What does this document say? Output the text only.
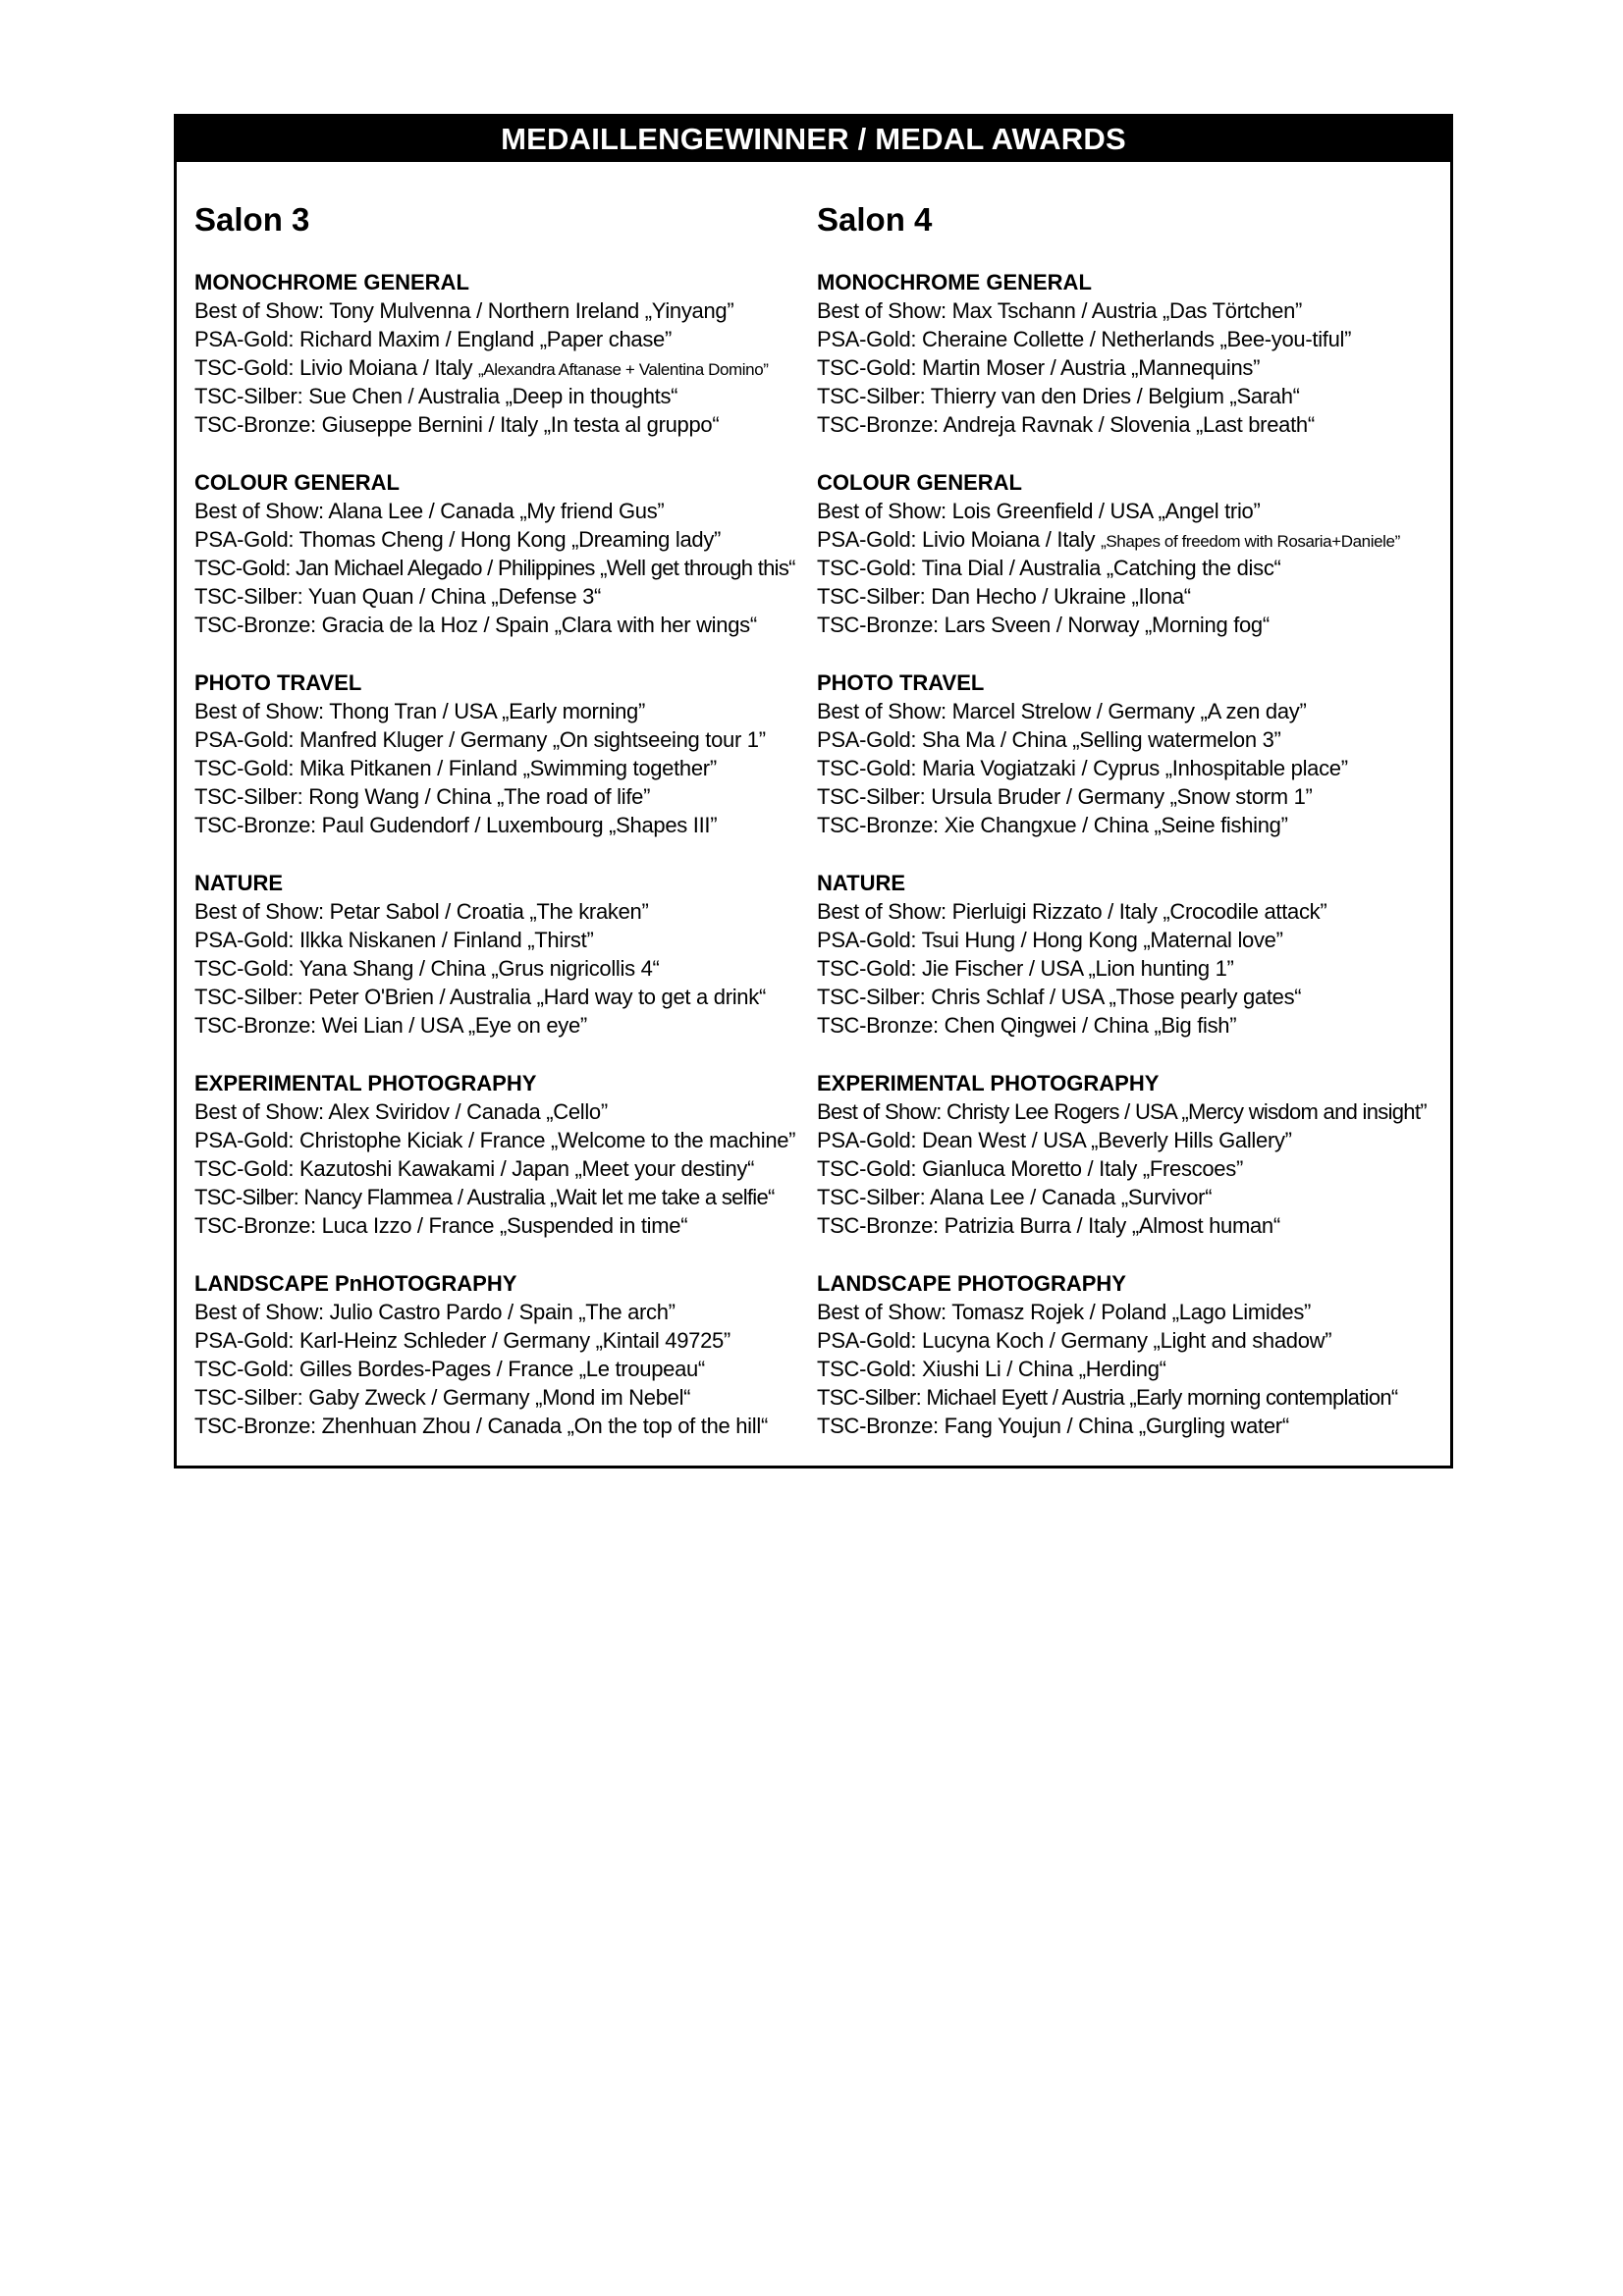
MEDAILLENGEWINNER / MEDAL AWARDS
Salon 3
MONOCHROME GENERAL
Best of Show: Tony Mulvenna / Northern Ireland „Yinyang”
PSA-Gold: Richard Maxim / England „Paper chase”
TSC-Gold: Livio Moiana / Italy „Alexandra Aftanase + Valentina Domino”
TSC-Silber: Sue Chen / Australia „Deep in thoughts“
TSC-Bronze: Giuseppe Bernini / Italy „In testa al gruppo“
COLOUR GENERAL
Best of Show: Alana Lee / Canada „My friend Gus”
PSA-Gold: Thomas Cheng / Hong Kong „Dreaming lady”
TSC-Gold: Jan Michael Alegado / Philippines „Well get through this“
TSC-Silber: Yuan Quan / China „Defense 3“
TSC-Bronze: Gracia de la Hoz / Spain „Clara with her wings“
PHOTO TRAVEL
Best of Show: Thong Tran / USA „Early morning”
PSA-Gold: Manfred Kluger / Germany „On sightseeing tour 1”
TSC-Gold: Mika Pitkanen / Finland „Swimming together”
TSC-Silber: Rong Wang / China „The road of life”
TSC-Bronze: Paul Gudendorf / Luxembourg „Shapes III”
NATURE
Best of Show: Petar Sabol / Croatia „The kraken”
PSA-Gold: Ilkka Niskanen / Finland „Thirst”
TSC-Gold: Yana Shang / China „Grus nigricollis 4“
TSC-Silber: Peter O'Brien / Australia „Hard way to get a drink“
TSC-Bronze: Wei Lian / USA „Eye on eye”
EXPERIMENTAL PHOTOGRAPHY
Best of Show: Alex Sviridov / Canada „Cello”
PSA-Gold: Christophe Kiciak / France „Welcome to the machine”
TSC-Gold: Kazutoshi Kawakami / Japan „Meet your destiny“
TSC-Silber: Nancy Flammea / Australia „Wait let me take a selfie“
TSC-Bronze: Luca Izzo / France „Suspended in time“
LANDSCAPE PnHOTOGRAPHY
Best of Show: Julio Castro Pardo / Spain „The arch”
PSA-Gold: Karl-Heinz Schleder / Germany „Kintail 49725”
TSC-Gold: Gilles Bordes-Pages / France „Le troupeau“
TSC-Silber: Gaby Zweck / Germany „Mond im Nebel“
TSC-Bronze: Zhenhuan Zhou / Canada „On the top of the hill“
Salon 4
MONOCHROME GENERAL
Best of Show: Max Tschann / Austria „Das Törtchen”
PSA-Gold: Cheraine Collette / Netherlands „Bee-you-tiful”
TSC-Gold: Martin Moser / Austria „Mannequins”
TSC-Silber: Thierry van den Dries / Belgium „Sarah“
TSC-Bronze: Andreja Ravnak / Slovenia „Last breath“
COLOUR GENERAL
Best of Show: Lois Greenfield / USA „Angel trio”
PSA-Gold: Livio Moiana / Italy „Shapes of freedom with Rosaria+Daniele”
TSC-Gold: Tina Dial / Australia „Catching the disc“
TSC-Silber: Dan Hecho / Ukraine „Ilona“
TSC-Bronze: Lars Sveen / Norway „Morning fog“
PHOTO TRAVEL
Best of Show: Marcel Strelow / Germany „A zen day”
PSA-Gold: Sha Ma / China „Selling watermelon 3”
TSC-Gold: Maria Vogiatzaki / Cyprus „Inhospitable place”
TSC-Silber: Ursula Bruder / Germany „Snow storm 1”
TSC-Bronze: Xie Changxue / China „Seine fishing”
NATURE
Best of Show: Pierluigi Rizzato / Italy „Crocodile attack”
PSA-Gold: Tsui Hung / Hong Kong „Maternal love”
TSC-Gold: Jie Fischer / USA „Lion hunting 1”
TSC-Silber: Chris Schlaf / USA „Those pearly gates“
TSC-Bronze: Chen Qingwei / China „Big fish”
EXPERIMENTAL PHOTOGRAPHY
Best of Show: Christy Lee Rogers / USA „Mercy wisdom and insight”
PSA-Gold: Dean West / USA „Beverly Hills Gallery”
TSC-Gold: Gianluca Moretto / Italy „Frescoes”
TSC-Silber: Alana Lee / Canada „Survivor“
TSC-Bronze: Patrizia Burra / Italy „Almost human“
LANDSCAPE PHOTOGRAPHY
Best of Show: Tomasz Rojek / Poland „Lago Limides”
PSA-Gold: Lucyna Koch / Germany „Light and shadow”
TSC-Gold: Xiushi Li / China „Herding“
TSC-Silber: Michael Eyett / Austria „Early morning contemplation“
TSC-Bronze: Fang Youjun / China „Gurgling water“
